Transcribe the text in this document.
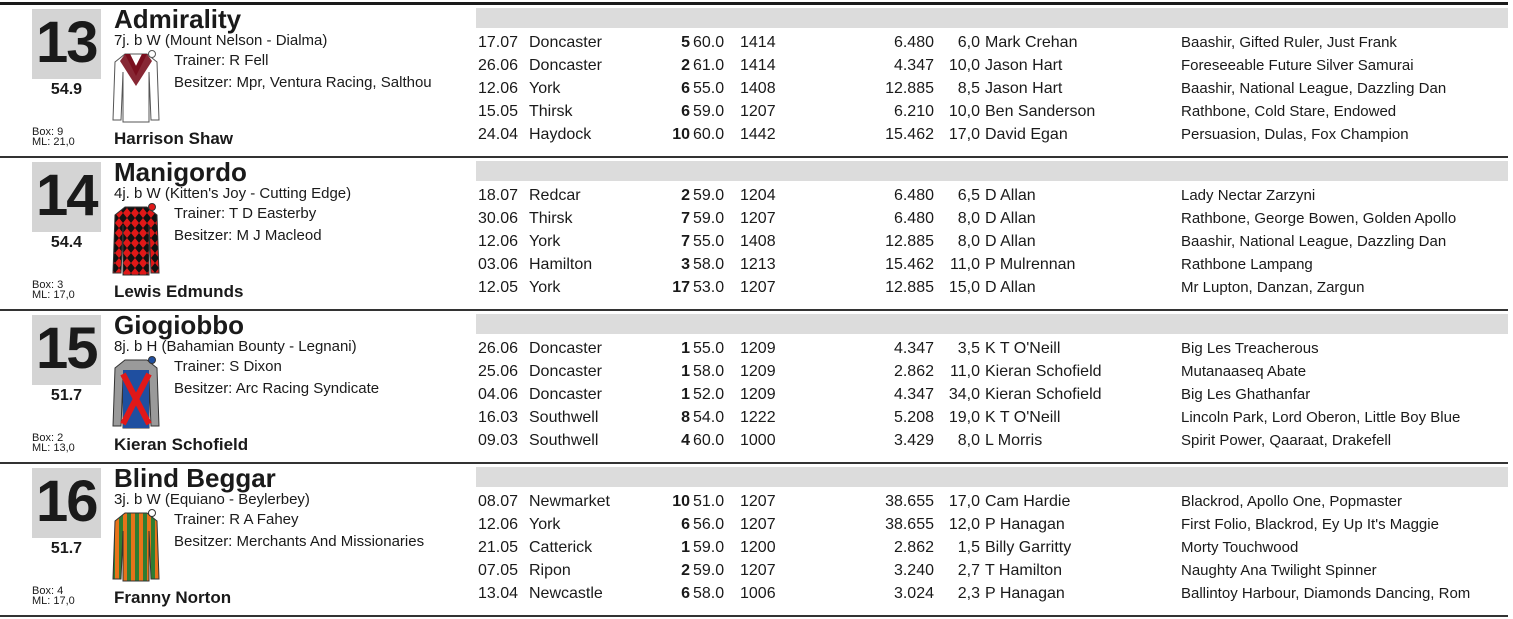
13
54.9
Admirality
7j. b W (Mount Nelson - Dialma)
Trainer: R Fell
Besitzer: Mpr, Ventura Racing, Salthou
Box: 9
ML: 21,0 Harrison Shaw
17.07 Doncaster	5 60.0 1414	6.480	6,0 Mark Crehan	Baashir, Gifted Ruler, Just Frank
26.06 Doncaster	2 61.0 1414	4.347 10,0 Jason Hart	Foreseeable Future Silver Samurai
12.06 York	6 55.0 1408	12.885	8,5 Jason Hart	Baashir, National League, Dazzling Dan
15.05 Thirsk	6 59.0 1207	6.210 10,0 Ben Sanderson	Rathbone, Cold Stare, Endowed
24.04 Haydock	10 60.0 1442	15.462 17,0 David Egan	Persuasion, Dulas, Fox Champion
14
54.4
Manigordo
4j. b W (Kitten's Joy - Cutting Edge)
Trainer: T D Easterby
Besitzer: M J Macleod
Box: 3
ML: 17,0 Lewis Edmunds
18.07 Redcar	2 59.0 1204	6.480	6,5 D Allan	Lady Nectar Zarzyni
30.06 Thirsk	7 59.0 1207	6.480	8,0 D Allan	Rathbone, George Bowen, Golden Apollo
12.06 York	7 55.0 1408	12.885	8,0 D Allan	Baashir, National League, Dazzling Dan
03.06 Hamilton	3 58.0 1213	15.462	11,0 P Mulrennan	Rathbone Lampang
12.05 York	17 53.0 1207	12.885 15,0 D Allan	Mr Lupton, Danzan, Zargun
15
51.7
Giogiobbo
8j. b H (Bahamian Bounty - Legnani)
Trainer: S Dixon
Besitzer: Arc Racing Syndicate
Box: 2
ML: 13,0 Kieran Schofield
26.06 Doncaster	1 55.0 1209	4.347	3,5 K T O'Neill	Big Les Treacherous
25.06 Doncaster	1 58.0 1209	2.862	11,0 Kieran Schofield	Mutanaaseq Abate
04.06 Doncaster	1 52.0 1209	4.347 34,0 Kieran Schofield	Big Les Ghathanfar
16.03 Southwell	8 54.0 1222	5.208 19,0 K T O'Neill	Lincoln Park, Lord Oberon, Little Boy Blue
09.03 Southwell	4 60.0 1000	3.429	8,0 L Morris	Spirit Power, Qaaraat, Drakefell
16
51.7
Blind Beggar
3j. b W (Equiano - Beylerbey)
Trainer: R A Fahey
Besitzer: Merchants And Missionaries
Box: 4
ML: 17,0 Franny Norton
08.07 Newmarket	10 51.0 1207	38.655 17,0 Cam Hardie	Blackrod, Apollo One, Popmaster
12.06 York	6 56.0 1207	38.655 12,0 P Hanagan	First Folio, Blackrod, Ey Up It's Maggie
21.05 Catterick	1 59.0 1200	2.862	1,5 Billy Garritty	Morty Touchwood
07.05 Ripon	2 59.0 1207	3.240	2,7 T Hamilton	Naughty Ana Twilight Spinner
13.04 Newcastle	6 58.0 1006	3.024	2,3 P Hanagan	Ballintoy Harbour, Diamonds Dancing, Rom
